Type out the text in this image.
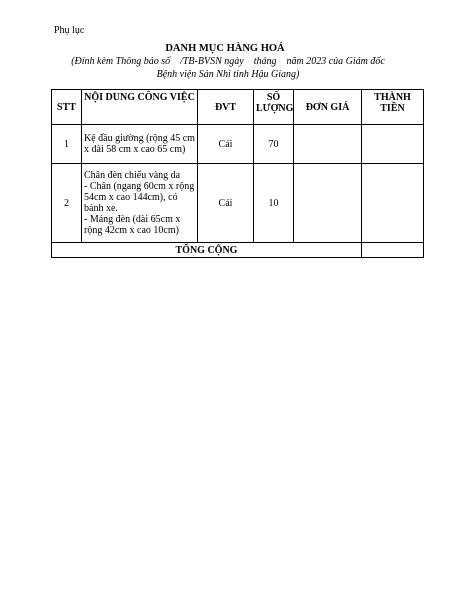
Phụ lục
DANH MỤC HÀNG HOÁ
(Đính kèm Thông báo số    /TB-BVSN ngày    tháng    năm 2023 của Giám đốc
Bệnh viện Sản Nhi tỉnh Hậu Giang)
STT	NỘI DUNG CÔNG VIỆC	ĐVT	SỐ LƯỢNG	ĐƠN GIÁ	THÀNH TIỀN
1	Kệ đầu giường (rộng 45 cm x dài 58 cm x cao 65 cm)	Cái	70		
2	Chân đèn chiếu vàng da
- Chân (ngang 60cm x rộng 54cm x cao 144cm), có bánh xe.
- Máng đèn (dài 65cm x rộng 42cm x cao 10cm)	Cái	10		
TỔNG CỘNG					
